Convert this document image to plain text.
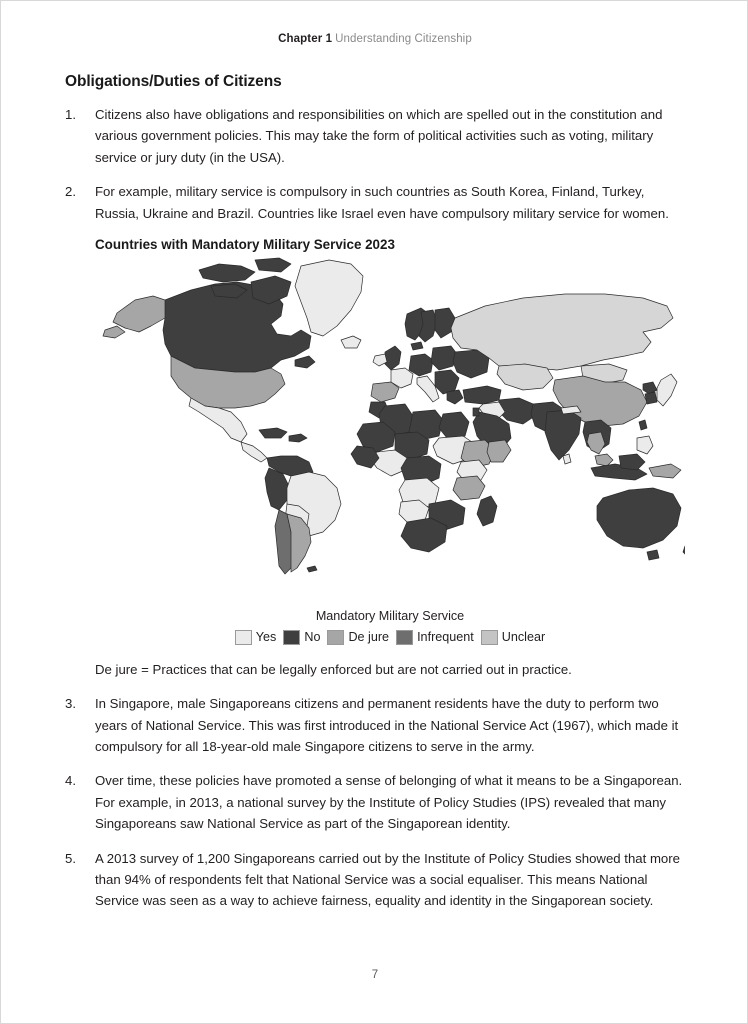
Chapter 1 Understanding Citizenship
Obligations/Duties of Citizens
1.	Citizens also have obligations and responsibilities on which are spelled out in the constitution and various government policies. This may take the form of political activities such as voting, military service or jury duty (in the USA).
2.	For example, military service is compulsory in such countries as South Korea, Finland, Turkey, Russia, Ukraine and Brazil. Countries like Israel even have compulsory military service for women.
Countries with Mandatory Military Service 2023
Mandatory Military Service
Yes No De jure Infrequent Unclear
De jure = Practices that can be legally enforced but are not carried out in practice.
3.	In Singapore, male Singaporeans citizens and permanent residents have the duty to perform two years of National Service. This was first introduced in the National Service Act (1967), which made it compulsory for all 18-year-old male Singapore citizens to serve in the army.
4.	Over time, these policies have promoted a sense of belonging of what it means to be a Singaporean. For example, in 2013, a national survey by the Institute of Policy Studies (IPS) revealed that many Singaporeans saw National Service as part of the Singaporean identity.
5.	A 2013 survey of 1,200 Singaporeans carried out by the Institute of Policy Studies showed that more than 94% of respondents felt that National Service was a social equaliser. This means National Service was seen as a way to achieve fairness, equality and identity in the Singaporean society.
7
